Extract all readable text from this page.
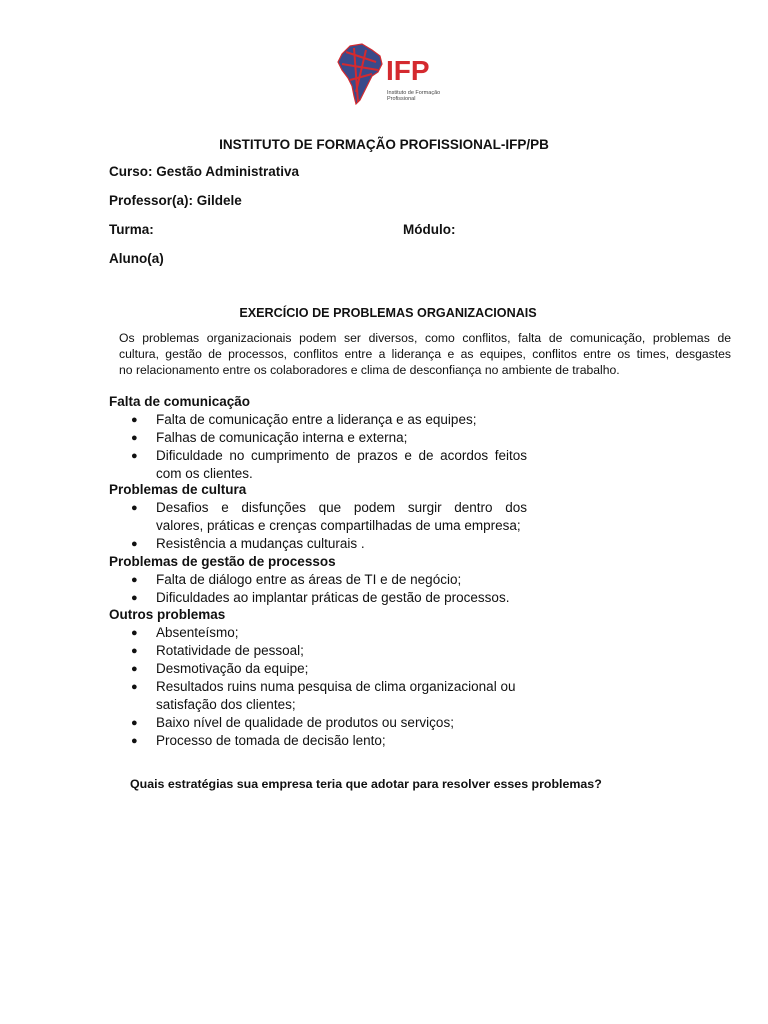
IFP
Instituto de Formação
Profissional
INSTITUTO DE FORMAÇÃO PROFISSIONAL-IFP/PB
Curso: Gestão Administrativa
Professor(a): Gildele
Turma:	Módulo:
Aluno(a)
EXERCÍCIO DE PROBLEMAS ORGANIZACIONAIS
Os problemas organizacionais podem ser diversos, como conflitos, falta de comunicação, problemas de
cultura, gestão de processos, conflitos entre a liderança e as equipes, conflitos entre os times, desgastes
no relacionamento entre os colaboradores e clima de desconfiança no ambiente de trabalho.
Falta de comunicação
● Falta de comunicação entre a liderança e as equipes;
● Falhas de comunicação interna e externa;
● Dificuldade no cumprimento de prazos e de acordos feitos
com os clientes.
Problemas de cultura
● Desafios e disfunções que podem surgir dentro dos
valores, práticas e crenças compartilhadas de uma empresa;
● Resistência a mudanças culturais .
Problemas de gestão de processos
● Falta de diálogo entre as áreas de TI e de negócio;
● Dificuldades ao implantar práticas de gestão de processos.
Outros problemas
● Absenteísmo;
● Rotatividade de pessoal;
● Desmotivação da equipe;
● Resultados ruins numa pesquisa de clima organizacional ou
satisfação dos clientes;
● Baixo nível de qualidade de produtos ou serviços;
● Processo de tomada de decisão lento;
Quais estratégias sua empresa teria que adotar para resolver esses problemas?
